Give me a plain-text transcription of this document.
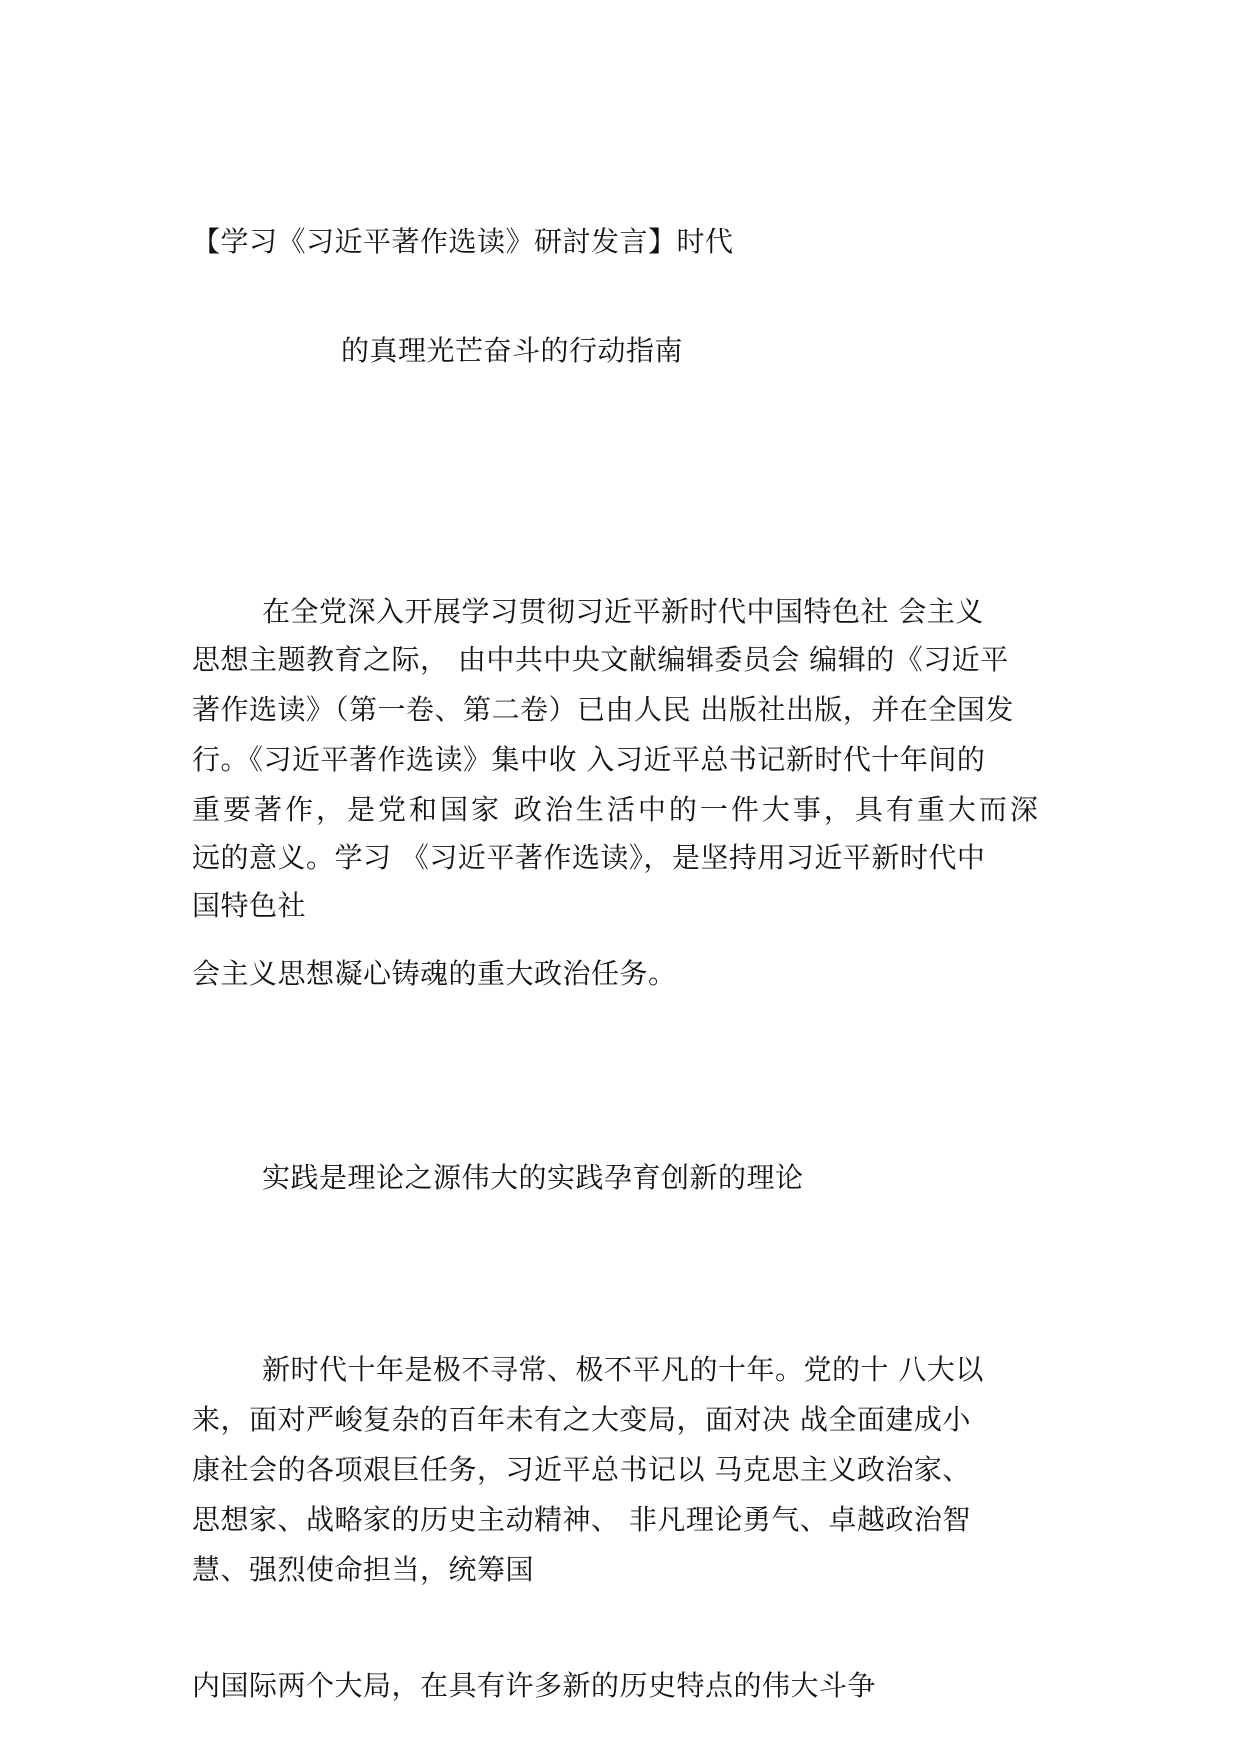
【学习《习近平著作选读》研討发言】时代
的真理光芒奋斗的行动指南
在全党深入开展学习贯彻习近平新时代中国特色社 会主义
思想主题教育之际， 由中共中央文献编辑委员会 编辑的《习近平
著作选读》（第一卷、第二卷）已由人民 出版社出版，并在全国发
行。《习近平著作选读》集中收 入习近平总书记新时代十年间的
重要著作，是党和国家 政治生活中的一件大事，具有重大而深
远的意义。学习 《习近平著作选读》，是坚持用习近平新时代中
国特色社
会主义思想凝心铸魂的重大政治任务。
实践是理论之源伟大的实践孕育创新的理论
新时代十年是极不寻常、极不平凡的十年。党的十 八大以
来，面对严峻复杂的百年未有之大变局，面对决 战全面建成小
康社会的各项艰巨任务，习近平总书记以 马克思主义政治家、
思想家、战略家的历史主动精神、 非凡理论勇气、卓越政治智
慧、强烈使命担当，统筹国
内国际两个大局，在具有许多新的历史特点的伟大斗争
